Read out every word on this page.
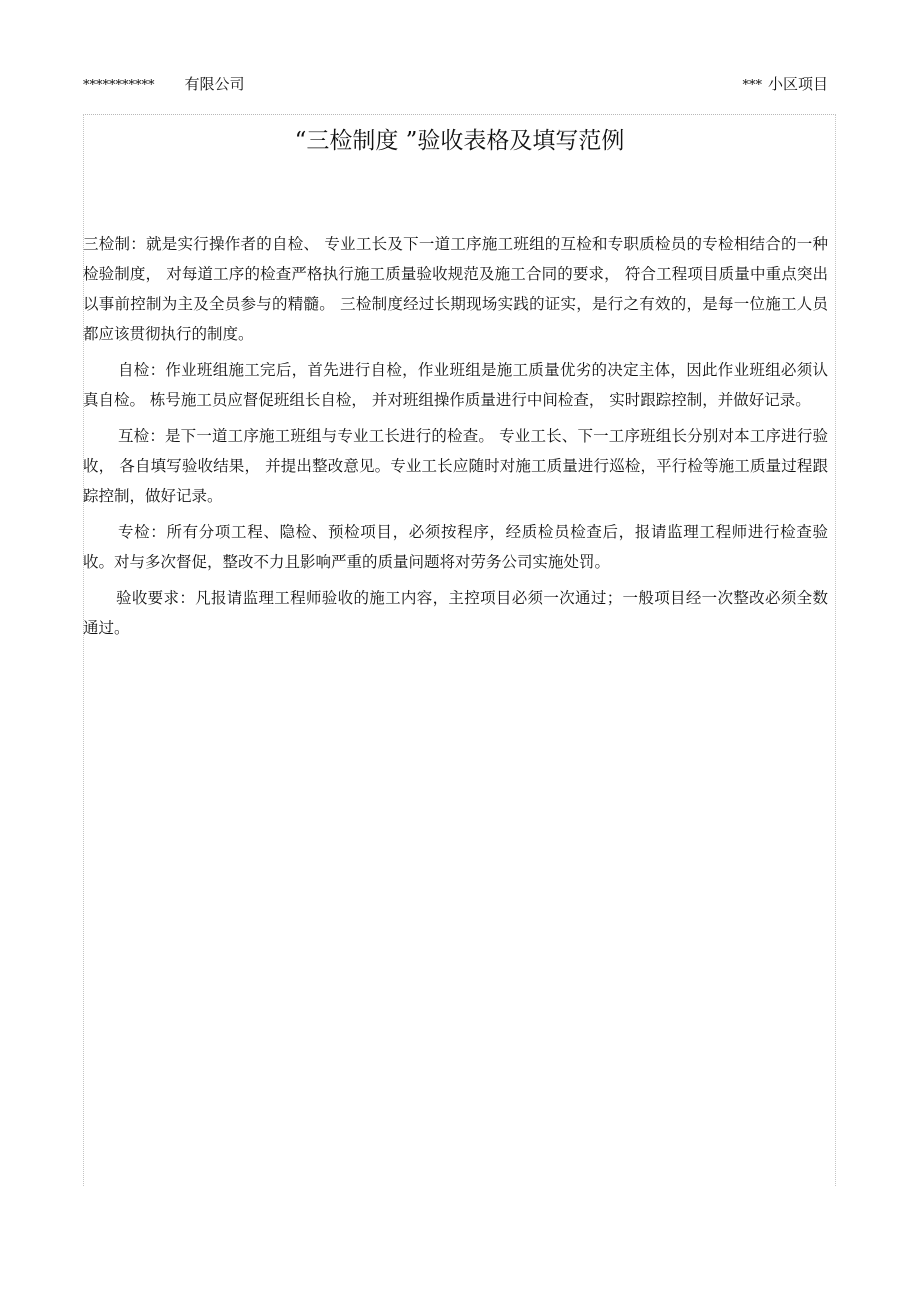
*********** 有限公司	*** 小区项目
“三检制度 ”验收表格及填写范例

三检制：就是实行操作者的自检、 专业工长及下一道工序施工班组的互检和专职质检员的专检相结合的一种检验制度， 对每道工序的检查严格执行施工质量验收规范及施工合同的要求， 符合工程项目质量中重点突出以事前控制为主及全员参与的精髓。 三检制度经过长期现场实践的证实，是行之有效的，是每一位施工人员都应该贯彻执行的制度。

自检：作业班组施工完后，首先进行自检，作业班组是施工质量优劣的决定主体，因此作业班组必须认真自检。 栋号施工员应督促班组长自检， 并对班组操作质量进行中间检查， 实时跟踪控制，并做好记录。

互检：是下一道工序施工班组与专业工长进行的检查。 专业工长、下一工序班组长分别对本工序进行验收， 各自填写验收结果， 并提出整改意见。专业工长应随时对施工质量进行巡检，平行检等施工质量过程跟踪控制，做好记录。

专检：所有分项工程、隐检、预检项目，必须按程序，经质检员检查后，报请监理工程师进行检查验收。对与多次督促，整改不力且影响严重的质量问题将对劳务公司实施处罚。

验收要求：凡报请监理工程师验收的施工内容，主控项目必须一次通过；一般项目经一次整改必须全数通过。
